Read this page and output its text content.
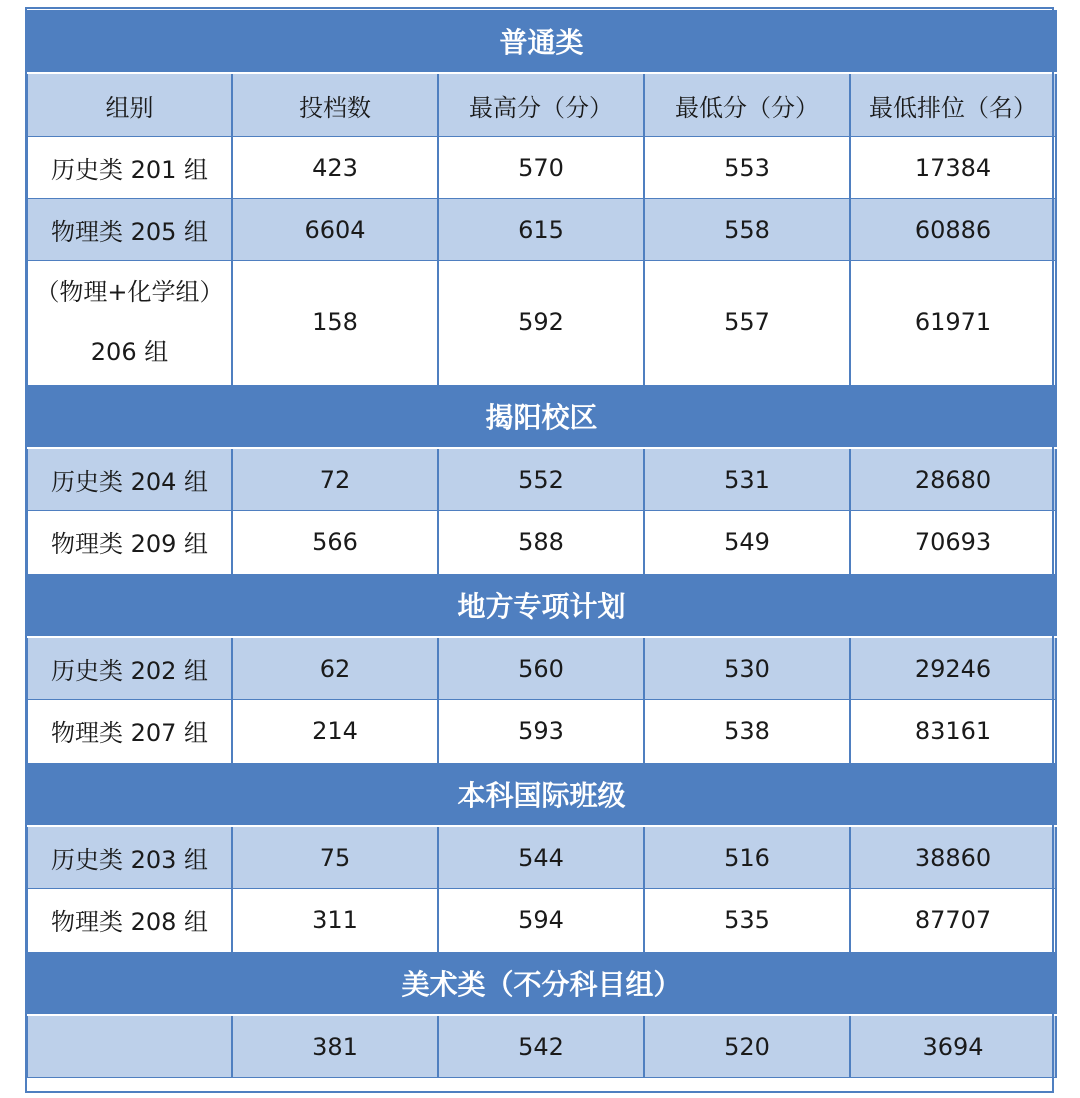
普通类				
组别	投档数	最高分（分）	最低分（分）	最低排位（名）
历史类 201 组	423	570	553	17384
物理类 205 组	6604	615	558	60886

（物理+化学组）
206 组	158	592	557	61971
揭阳校区				
历史类 204 组	72	552	531	28680
物理类 209 组	566	588	549	70693
地方专项计划				
历史类 202 组	62	560	530	29246
物理类 207 组	214	593	538	83161
本科国际班级				
历史类 203 组	75	544	516	38860
物理类 208 组	311	594	535	87707
美术类（不分科目组）				
	381	542	520	3694
